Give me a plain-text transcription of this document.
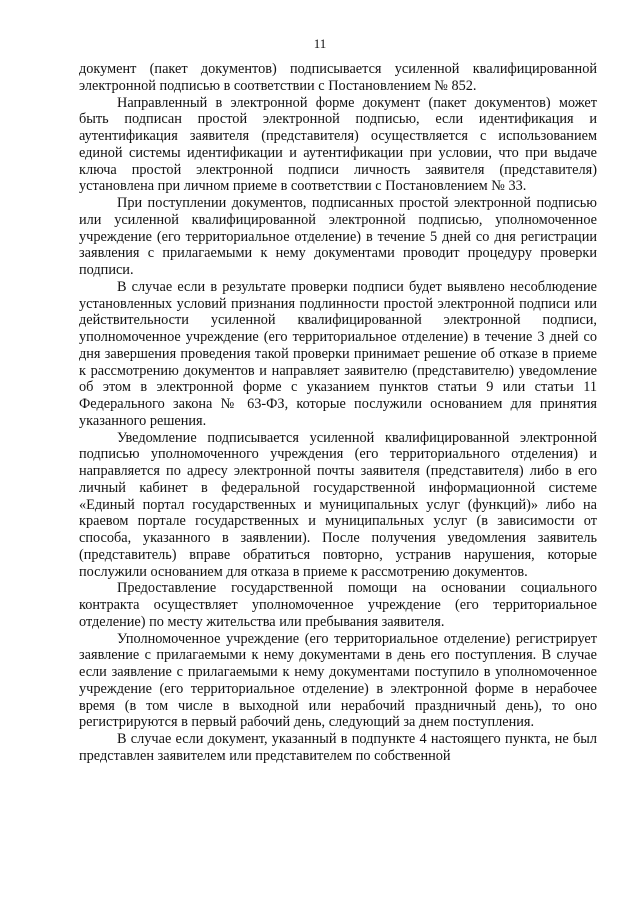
11

документ (пакет документов) подписывается усиленной квалифицированной электронной подписью в соответствии с Постановлением № 852.

Направленный в электронной форме документ (пакет документов) может быть подписан простой электронной подписью, если идентификация и аутентификация заявителя (представителя) осуществляется с использованием единой системы идентификации и аутентификации при условии, что при выдаче ключа простой электронной подписи личность заявителя (представителя) установлена при личном приеме в соответствии с Постановлением № 33.

При поступлении документов, подписанных простой электронной подписью или усиленной квалифицированной электронной подписью, уполномоченное учреждение (его территориальное отделение) в течение 5 дней со дня регистрации заявления с прилагаемыми к нему документами проводит процедуру проверки подписи.

В случае если в результате проверки подписи будет выявлено несоблюдение установленных условий признания подлинности простой электронной подписи или действительности усиленной квалифицированной электронной подписи, уполномоченное учреждение (его территориальное отделение) в течение 3 дней со дня завершения проведения такой проверки принимает решение об отказе в приеме к рассмотрению документов и направляет заявителю (представителю) уведомление об этом в электронной форме с указанием пунктов статьи 9 или статьи 11 Федерального закона № 63-ФЗ, которые послужили основанием для принятия указанного решения.

Уведомление подписывается усиленной квалифицированной электронной подписью уполномоченного учреждения (его территориального отделения) и направляется по адресу электронной почты заявителя (представителя) либо в его личный кабинет в федеральной государственной информационной системе «Единый портал государственных и муниципальных услуг (функций)» либо на краевом портале государственных и муниципальных услуг (в зависимости от способа, указанного в заявлении). После получения уведомления заявитель (представитель) вправе обратиться повторно, устранив нарушения, которые послужили основанием для отказа в приеме к рассмотрению документов.

Предоставление государственной помощи на основании социального контракта осуществляет уполномоченное учреждение (его территориальное отделение) по месту жительства или пребывания заявителя.

Уполномоченное учреждение (его территориальное отделение) регистрирует заявление с прилагаемыми к нему документами в день его поступления. В случае если заявление с прилагаемыми к нему документами поступило в уполномоченное учреждение (его территориальное отделение) в электронной форме в нерабочее время (в том числе в выходной или нерабочий праздничный день), то оно регистрируются в первый рабочий день, следующий за днем поступления.

В случае если документ, указанный в подпункте 4 настоящего пункта, не был представлен заявителем или представителем по собственной
